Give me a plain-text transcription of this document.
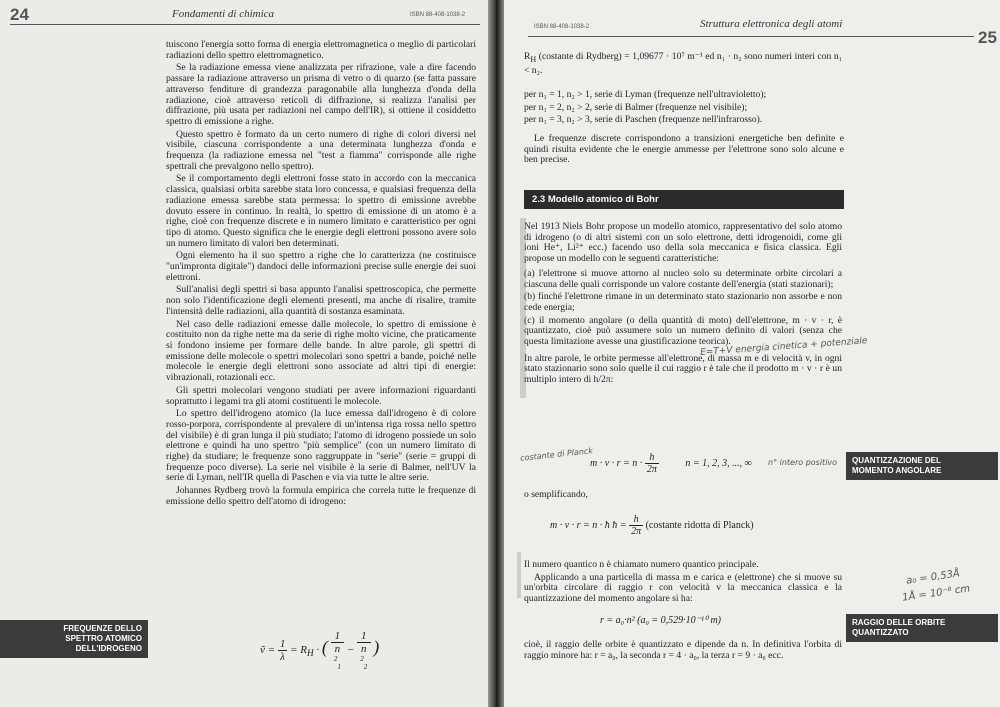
24	Fondamenti di chimica	ISBN 88-408-1038-2

tuiscono l'energia sotto forma di energia elettromagnetica o meglio di particolari radiazioni dello spettro elettromagnetico.

Se la radiazione emessa viene analizzata per rifrazione, vale a dire facendo passare la radiazione attraverso un prisma di vetro o di quarzo (se fatta passare attraverso fenditure di grandezza paragonabile alla lunghezza d'onda della radiazione, cioè attraverso reticoli di diffrazione, si realizza l'analisi per diffrazione, più usata per radiazioni nel campo dell'IR), si ottiene il cosiddetto spettro di emissione a righe.

Questo spettro è formato da un certo numero di righe di colori diversi nel visibile, ciascuna corrispondente a una determinata lunghezza d'onda e frequenza (la radiazione emessa nel "test a fiamma" corrisponde alle righe spettrali che prevalgono nello spettro).

Se il comportamento degli elettroni fosse stato in accordo con la meccanica classica, qualsiasi orbita sarebbe stata loro concessa, e qualsiasi frequenza della radiazione emessa sarebbe stata permessa: lo spettro di emissione avrebbe dovuto essere in continuo. In realtà, lo spettro di emissione di un atomo è a righe, cioè con frequenze discrete e in numero limitato e caratteristico per ogni tipo di atomo. Questo significa che le energie degli elettroni possono avere solo un numero limitato di valori ben determinati.

Ogni elemento ha il suo spettro a righe che lo caratterizza (ne costituisce "un'impronta digitale") dandoci delle informazioni precise sulle energie dei suoi elettroni.

Sull'analisi degli spettri si basa appunto l'analisi spettroscopica, che permette non solo l'identificazione degli elementi presenti, ma anche di risalire, tramite l'intensità delle radiazioni, alla quantità di sostanza esaminata.

Nel caso delle radiazioni emesse dalle molecole, lo spettro di emissione è costituito non da righe nette ma da serie di righe molto vicine, che praticamente si fondono insieme per formare delle bande. In altre parole, gli spettri di emissione delle molecole o spettri molecolari sono spettri a bande, poiché nelle molecole le energie degli elettroni sono associate ad altri tipi di energie: vibrazionali, rotazionali ecc.

Gli spettri molecolari vengono studiati per avere informazioni riguardanti soprattutto i legami tra gli atomi costituenti le molecole.

Lo spettro dell'idrogeno atomico (la luce emessa dall'idrogeno è di colore rosso-porpora, corrispondente al prevalere di un'intensa riga rossa nello spettro del visibile) è di gran lunga il più studiato; l'atomo di idrogeno possiede un solo elettrone e quindi ha uno spettro "più semplice" (con un numero limitato di righe) da studiare; le frequenze sono raggruppate in "serie" (serie = gruppi di frequenze poco diverse). La serie nel visibile è la serie di Balmer, nell'UV la serie di Lyman, nell'IR quella di Paschen e via via tutte le altre serie.

Johannes Rydberg trovò la formula empirica che correla tutte le frequenze di emissione dello spettro dell'atomo di idrogeno:

ṽ = $\frac{1}{\lambda} = R_H$ · ( 1
n
$^2_1$ − 1
n
$^2_2$ )
FREQUENZE DELLO
SPETTRO ATOMICO
DELL'IDROGENO
ISBN 88-408-1038-2	Struttura elettronica degli atomi
25

$R_H$ (costante di Rydberg) = 1,09677 · 10⁷ m⁻¹ ed n₁ · n₂ sono numeri interi con n₁ < n₂.

per n₁ = 1, n₂ > 1, serie di Lyman (frequenze nell'ultravioletto);

per n₁ = 2, n₂ > 2, serie di Balmer (frequenze nel visibile);

per n₁ = 3, n₂ > 3, serie di Paschen (frequenze nell'infrarosso).

Le frequenze discrete corrispondono a transizioni energetiche ben definite e quindi risulta evidente che le energie ammesse per l'elettrone sono solo alcune e ben precise.

2.3 Modello atomico di Bohr

Nel 1913 Niels Bohr propose un modello atomico, rappresentativo del solo atomo di idrogeno (o di altri sistemi con un solo elettrone, detti idrogenoidi, come gli ioni He⁺, Li²⁺ ecc.) facendo uso della sola meccanica e fisica classica. Egli propose un modello con le seguenti caratteristiche:

(a) l'elettrone si muove attorno al nucleo solo su determinate orbite circolari a ciascuna delle quali corrisponde un valore costante dell'energia (stati stazionari);

(b) finché l'elettrone rimane in un determinato stato stazionario non assorbe e non cede energia;

(c) il momento angolare (o della quantità di moto) dell'elettrone, m · v · r, è quantizzato, cioè può assumere solo un numero definito di valori (senza che questa limitazione avesse una giustificazione teorica).

In altre parole, le orbite permesse all'elettrone, di massa m e di velocità v, in ogni stato stazionario sono solo quelle il cui raggio r è tale che il prodotto m · v · r è un multiplo intero di h/2π:

$m \cdot v \cdot r = n \cdot \frac{h}{2\pi}$	n = 1, 2, 3, ..., ∞

o semplificando,

m · v · r = n · ħ ħ = $\frac{h}{2\pi}$ (costante ridotta di Planck)

Il numero quantico n è chiamato numero quantico principale.

Applicando a una particella di massa m e carica e (elettrone) che si muove su un'orbita circolare di raggio r con velocità v la meccanica classica e la quantizzazione del momento angolare si ha:

r = a₀·n² (a₀ = 0,529·10⁻¹⁰ m)

cioè, il raggio delle orbite è quantizzato e dipende da n. In definitiva l'orbita di raggio minore ha: r = a₀, la seconda r = 4 · a₀, la terza r = 9 · a₀ ecc.

QUANTIZZAZIONE DEL
MOMENTO ANGOLARE
RAGGIO DELLE ORBITE
QUANTIZZATO
E=T+V energia cinetica + potenziale
costante di Planck	n° intero positivo
a₀ = 0,53Å
1Å = 10⁻⁸ cm
